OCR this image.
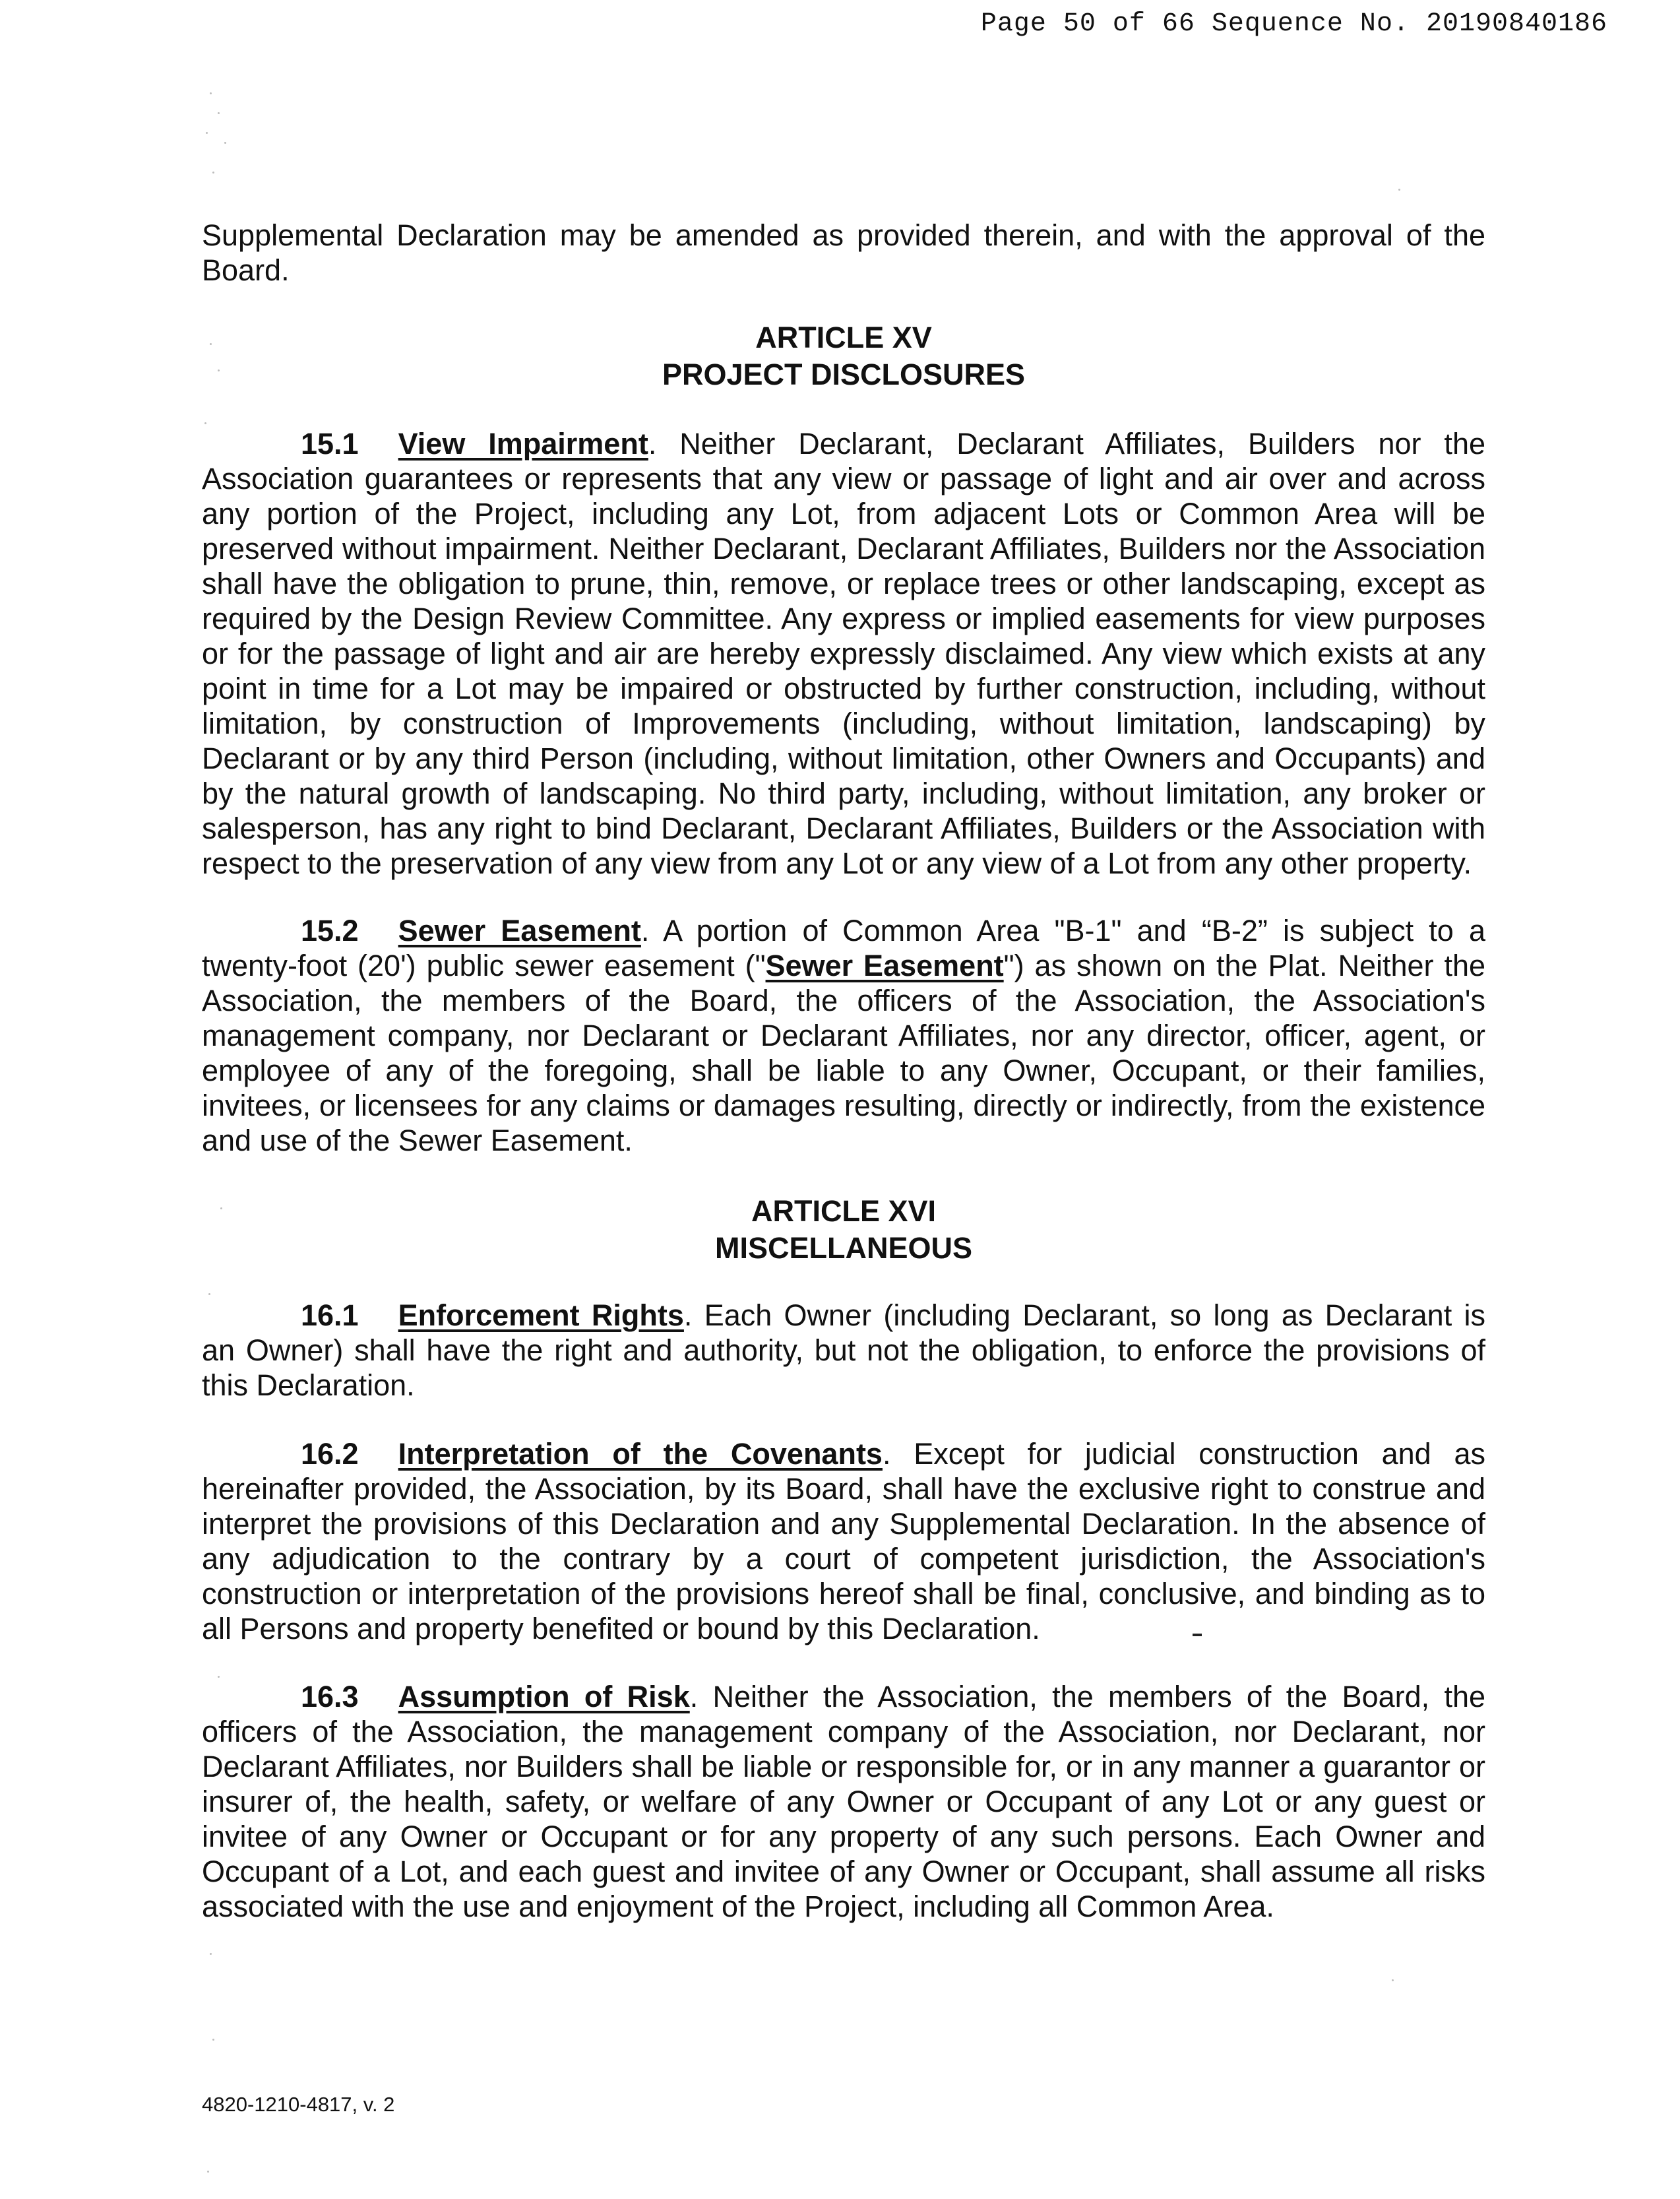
Page 50 of 66 Sequence No. 20190840186

Supplemental Declaration may be amended as provided therein, and with the approval of the Board.

ARTICLE XV
PROJECT DISCLOSURES

15.1 View Impairment. Neither Declarant, Declarant Affiliates, Builders nor the Association guarantees or represents that any view or passage of light and air over and across any portion of the Project, including any Lot, from adjacent Lots or Common Area will be preserved without impairment. Neither Declarant, Declarant Affiliates, Builders nor the Association shall have the obligation to prune, thin, remove, or replace trees or other landscaping, except as required by the Design Review Committee. Any express or implied easements for view purposes or for the passage of light and air are hereby expressly disclaimed. Any view which exists at any point in time for a Lot may be impaired or obstructed by further construction, including, without limitation, by construction of Improvements (including, without limitation, landscaping) by Declarant or by any third Person (including, without limitation, other Owners and Occupants) and by the natural growth of landscaping. No third party, including, without limitation, any broker or salesperson, has any right to bind Declarant, Declarant Affiliates, Builders or the Association with respect to the preservation of any view from any Lot or any view of a Lot from any other property.

15.2 Sewer Easement. A portion of Common Area "B-1" and “B-2” is subject to a twenty-foot (20') public sewer easement ("Sewer Easement") as shown on the Plat. Neither the Association, the members of the Board, the officers of the Association, the Association's management company, nor Declarant or Declarant Affiliates, nor any director, officer, agent, or employee of any of the foregoing, shall be liable to any Owner, Occupant, or their families, invitees, or licensees for any claims or damages resulting, directly or indirectly, from the existence and use of the Sewer Easement.

ARTICLE XVI
MISCELLANEOUS

16.1 Enforcement Rights. Each Owner (including Declarant, so long as Declarant is an Owner) shall have the right and authority, but not the obligation, to enforce the provisions of this Declaration.

16.2 Interpretation of the Covenants. Except for judicial construction and as hereinafter provided, the Association, by its Board, shall have the exclusive right to construe and interpret the provisions of this Declaration and any Supplemental Declaration. In the absence of any adjudication to the contrary by a court of competent jurisdiction, the Association's construction or interpretation of the provisions hereof shall be final, conclusive, and binding as to all Persons and property benefited or bound by this Declaration.

16.3 Assumption of Risk. Neither the Association, the members of the Board, the officers of the Association, the management company of the Association, nor Declarant, nor Declarant Affiliates, nor Builders shall be liable or responsible for, or in any manner a guarantor or insurer of, the health, safety, or welfare of any Owner or Occupant of any Lot or any guest or invitee of any Owner or Occupant or for any property of any such persons. Each Owner and Occupant of a Lot, and each guest and invitee of any Owner or Occupant, shall assume all risks associated with the use and enjoyment of the Project, including all Common Area.

4820-1210-4817, v. 2
